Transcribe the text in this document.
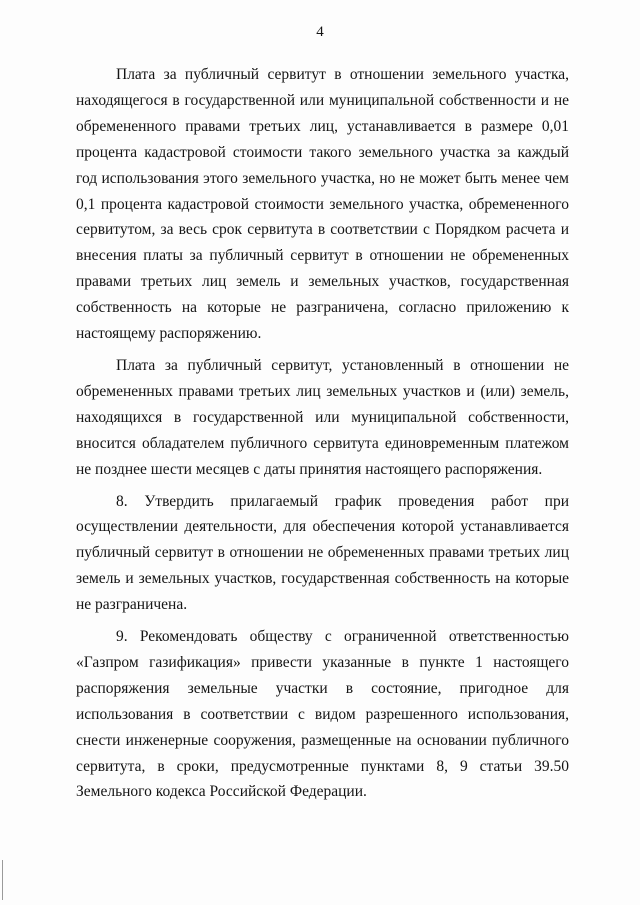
4

Плата за публичный сервитут в отношении земельного участка, находящегося в государственной или муниципальной собственности и не обремененного правами третьих лиц, устанавливается в размере 0,01 процента кадастровой стоимости такого земельного участка за каждый год использования этого земельного участка, но не может быть менее чем 0,1 процента кадастровой стоимости земельного участка, обремененного сервитутом, за весь срок сервитута в соответствии с Порядком расчета и внесения платы за публичный сервитут в отношении не обремененных правами третьих лиц земель и земельных участков, государственная собственность на которые не разграничена, согласно приложению к настоящему распоряжению.

Плата за публичный сервитут, установленный в отношении не обремененных правами третьих лиц земельных участков и (или) земель, находящихся в государственной или муниципальной собственности, вносится обладателем публичного сервитута единовременным платежом не позднее шести месяцев с даты принятия настоящего распоряжения.

8. Утвердить прилагаемый график проведения работ при осуществлении деятельности, для обеспечения которой устанавливается публичный сервитут в отношении не обремененных правами третьих лиц земель и земельных участков, государственная собственность на которые не разграничена.

9. Рекомендовать обществу с ограниченной ответственностью «Газпром газификация» привести указанные в пункте 1 настоящего распоряжения земельные участки в состояние, пригодное для использования в соответствии с видом разрешенного использования, снести инженерные сооружения, размещенные на основании публичного сервитута, в сроки, предусмотренные пунктами 8, 9 статьи 39.50 Земельного кодекса Российской Федерации.
